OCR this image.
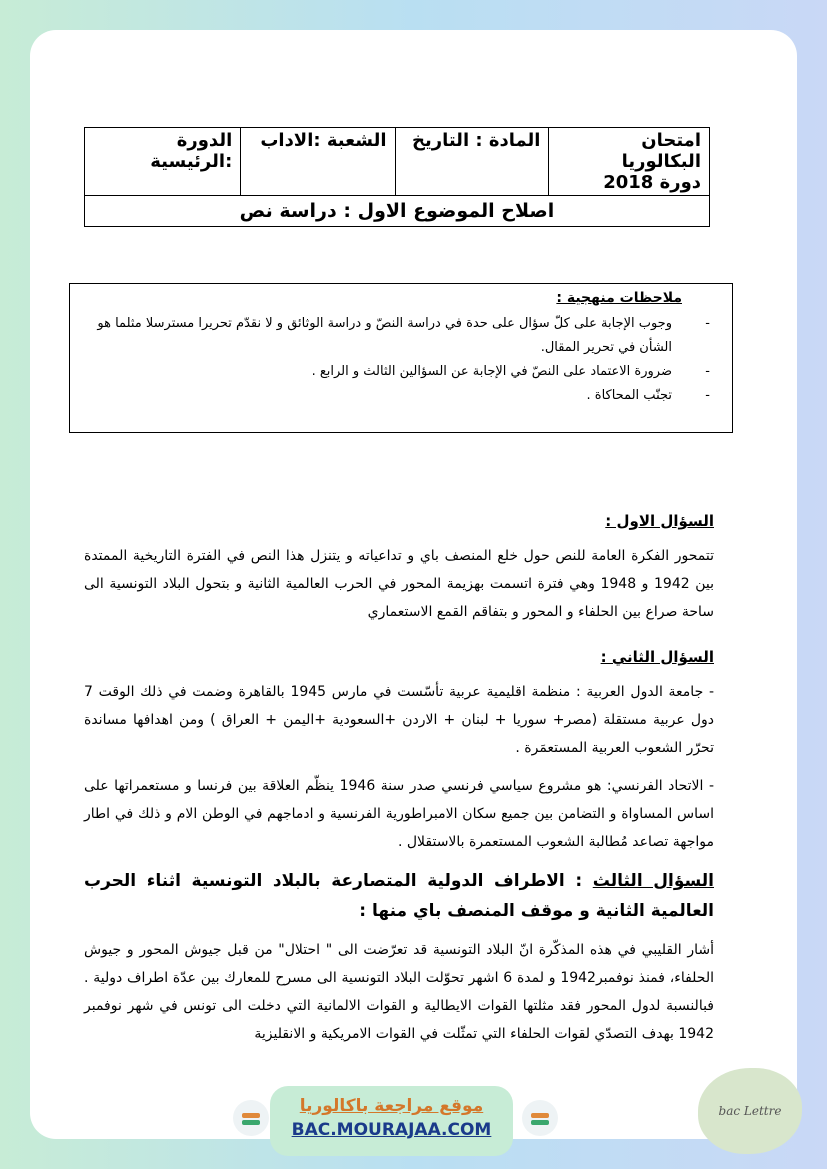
امتحان البكالوريا
دورة 2018
	المادة : التاريخ	الشعبة :الاداب	الدورة :الرئيسية
اصلاح الموضوع الاول : دراسة نص

ملاحظات منهجية :

- وجوب الإجابة على كلّ سؤال على حدة في دراسة النصّ و دراسة الوثائق و لا نقدّم تحريرا مسترسلا مثلما هو الشأن في تحرير المقال.
- ضرورة الاعتماد على النصّ في الإجابة عن السؤالين الثالث و الرابع .
- تجنّب المحاكاة .

السؤال الاول :

تتمحور الفكرة العامة للنص حول خلع المنصف باي و تداعياته و يتنزل هذا النص في الفترة التاريخية الممتدة بين 1942 و 1948 وهي فترة اتسمت بهزيمة المحور في الحرب العالمية الثانية و بتحول البلاد التونسية الى ساحة صراع بين الحلفاء و المحور و بتفاقم القمع الاستعماري

السؤال الثاني :

- جامعة الدول العربية : منظمة اقليمية عربية تأسّست في مارس 1945 بالقاهرة وضمت في ذلك الوقت 7 دول عربية مستقلة (مصر+ سوريا + لبنان + الاردن +السعودية +اليمن + العراق ) ومن اهدافها مساندة تحرّر الشعوب العربية المستعمَرة .

- الاتحاد الفرنسي: هو مشروع سياسي فرنسي صدر سنة 1946 ينظّم العلاقة بين فرنسا و مستعمراتها على اساس المساواة و التضامن بين جميع سكان الامبراطورية الفرنسية و ادماجهم في الوطن الام و ذلك في اطار مواجهة تصاعد مُطالبة الشعوب المستعمرة بالاستقلال .

السؤال الثالث : الاطراف الدولية المتصارعة بالبلاد التونسية اثناء الحرب العالمية الثانية و موقف المنصف باي منها :

أشار القليبي في هذه المذكّرة انّ البلاد التونسية قد تعرّضت الى " احتلال" من قبل جيوش المحور و جيوش الحلفاء، فمنذ نوفمبر1942 و لمدة 6 اشهر تحوّلت البلاد التونسية الى مسرح للمعارك بين عدّة اطراف دولية . فبالنسبة لدول المحور فقد مثلتها القوات الايطالية و القوات الالمانية التي دخلت الى تونس في شهر نوفمبر 1942 بهدف التصدّي لقوات الحلفاء التي تمثّلت في القوات الامريكية و الانقليزية

موقع مراجعة باكالوريا
BAC.MOURAJAA.COM
bac Lettre
